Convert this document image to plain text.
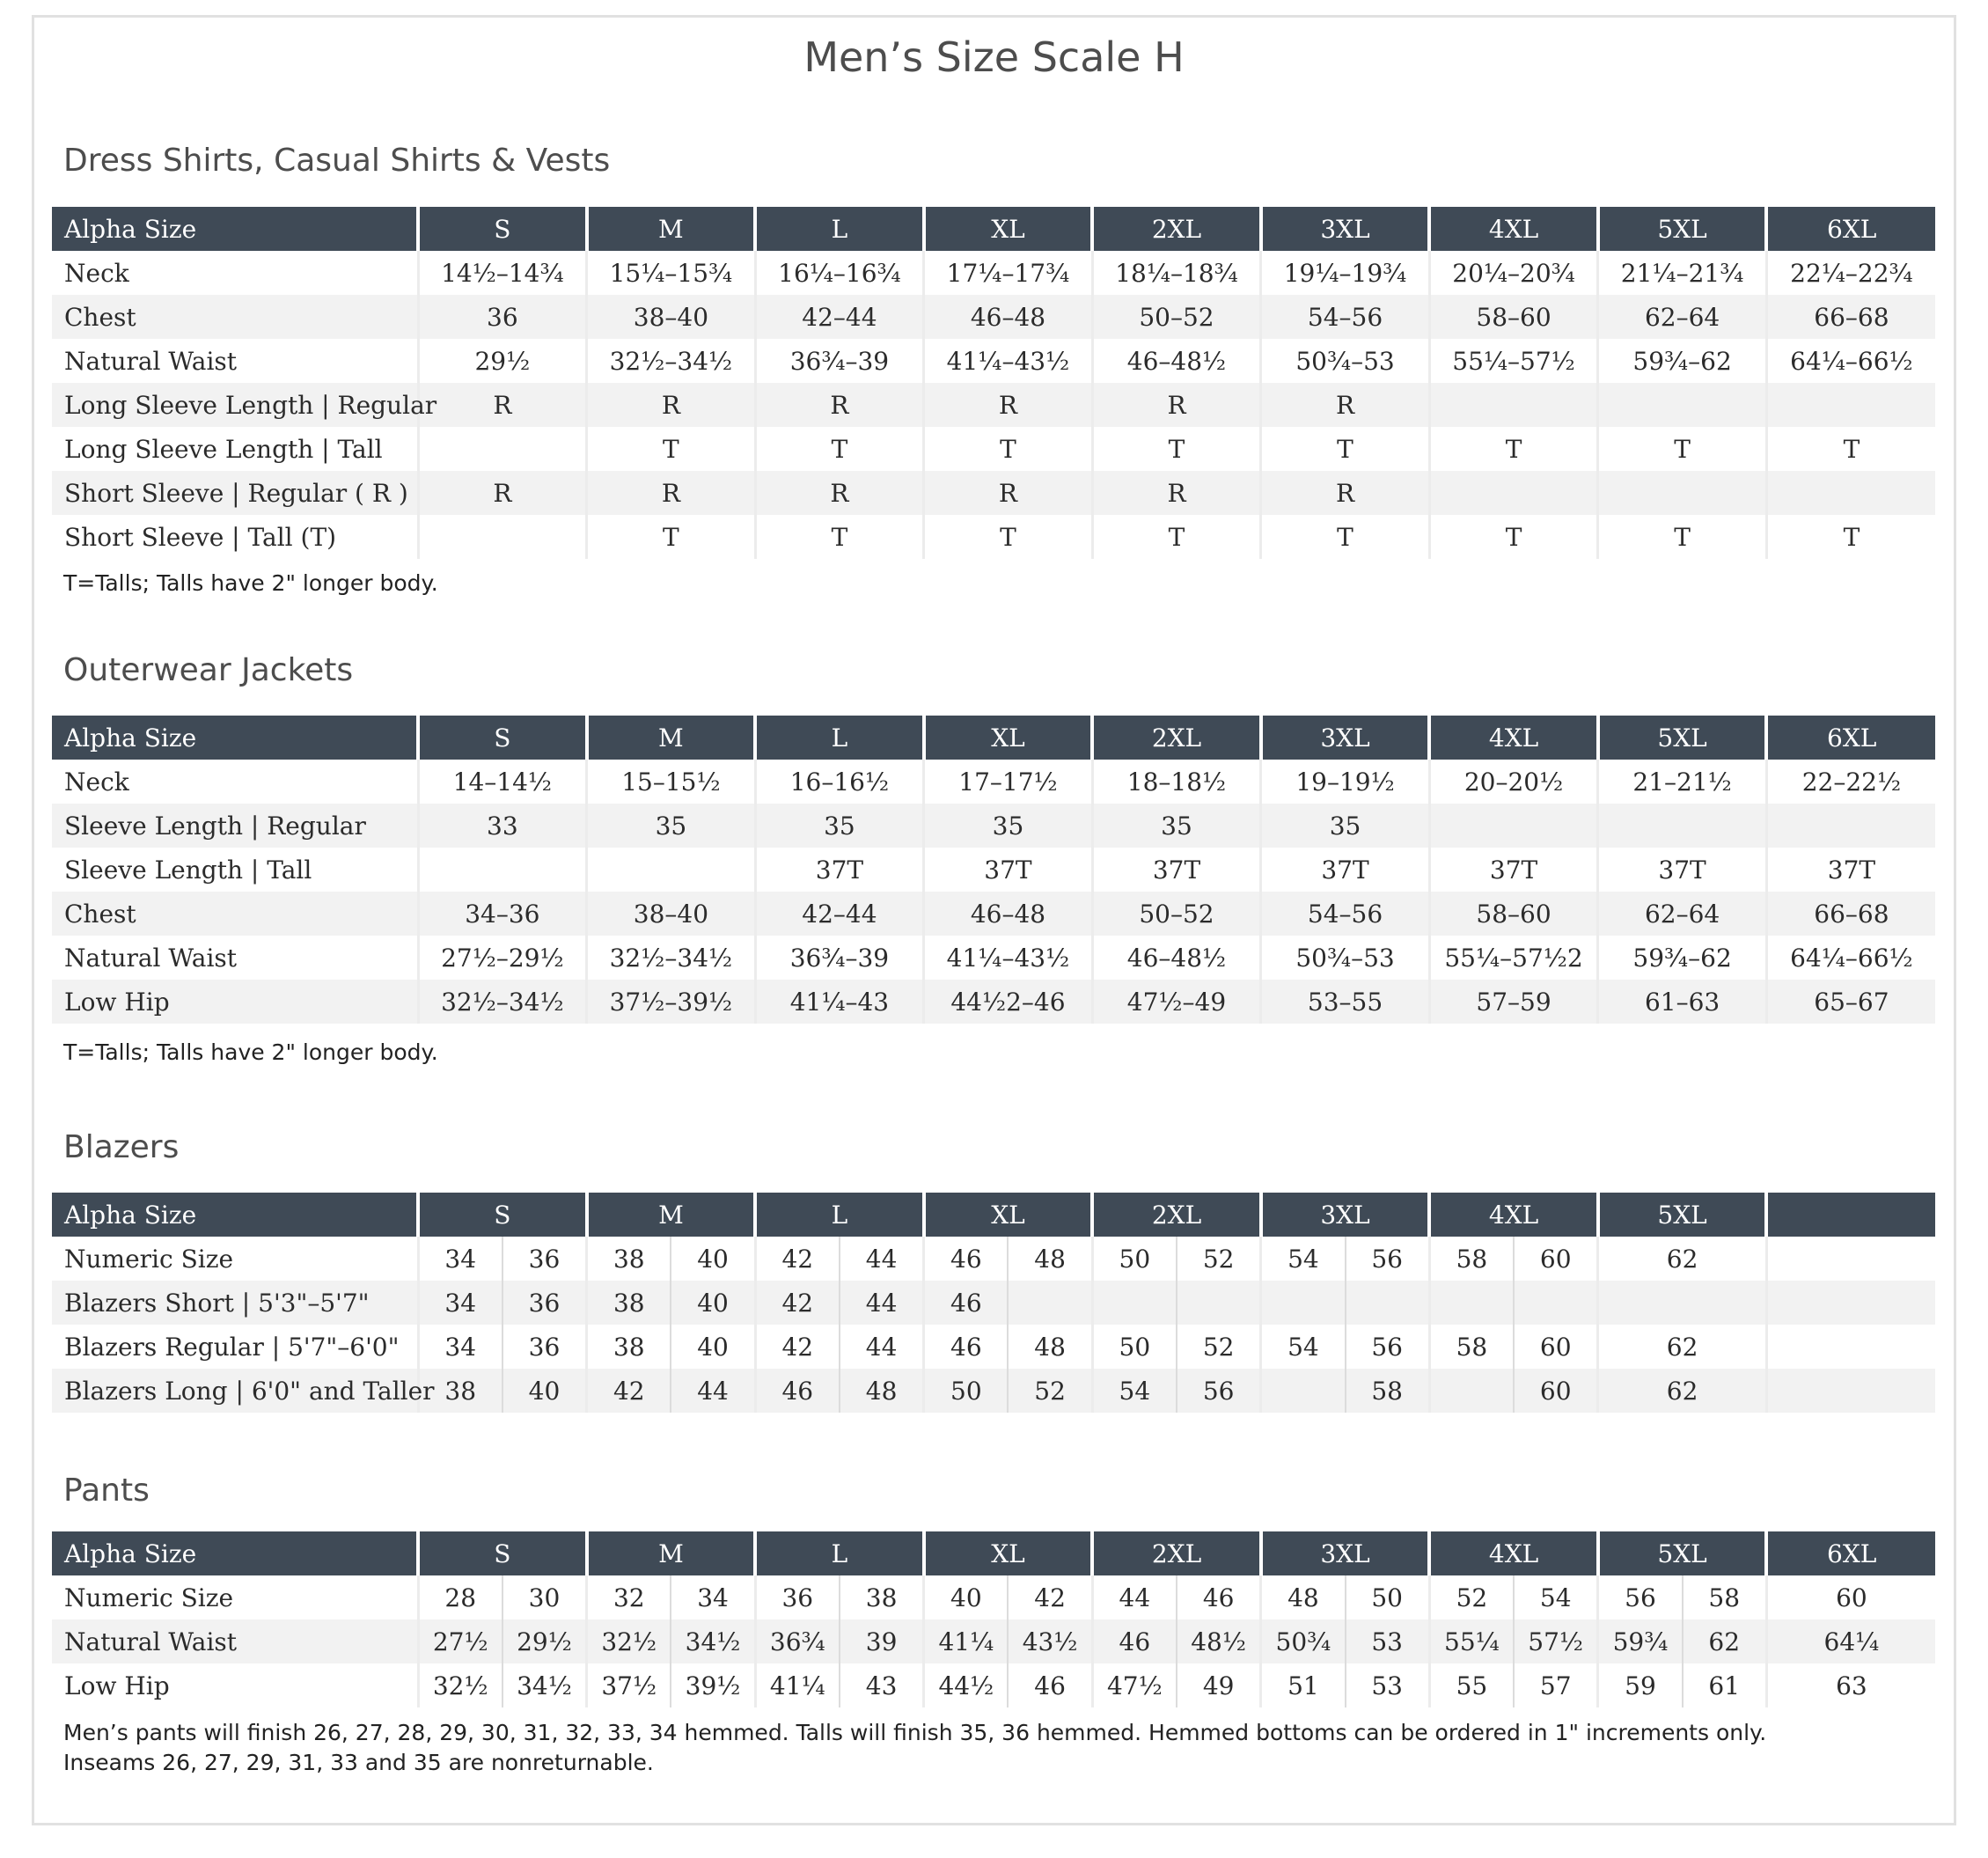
Men’s Size Scale H
Dress Shirts, Casual Shirts & Vests
Alpha Size	S	M	L	XL	2XL	3XL	4XL	5XL	6XL
Neck	14½–14¾	15¼–15¾	16¼–16¾	17¼–17¾	18¼–18¾	19¼–19¾	20¼–20¾	21¼–21¾	22¼–22¾
Chest	36	38–40	42–44	46–48	50–52	54–56	58–60	62–64	66–68
Natural Waist	29½	32½–34½	36¾–39	41¼–43½	46–48½	50¾–53	55¼–57½	59¾–62	64¼–66½
Long Sleeve Length | Regular	R	R	R	R	R	R			
Long Sleeve Length | Tall		T	T	T	T	T	T	T	T
Short Sleeve | Regular ( R )	R	R	R	R	R	R			
Short Sleeve | Tall (T)		T	T	T	T	T	T	T	T
T=Talls; Talls have 2" longer body.
Outerwear Jackets
Alpha Size	S	M	L	XL	2XL	3XL	4XL	5XL	6XL
Neck	14–14½	15–15½	16–16½	17–17½	18–18½	19–19½	20–20½	21–21½	22–22½
Sleeve Length | Regular	33	35	35	35	35	35			
Sleeve Length | Tall			37T	37T	37T	37T	37T	37T	37T
Chest	34–36	38–40	42–44	46–48	50–52	54–56	58–60	62–64	66–68
Natural Waist	27½–29½	32½–34½	36¾–39	41¼–43½	46–48½	50¾–53	55¼–57½2	59¾–62	64¼–66½
Low Hip	32½–34½	37½–39½	41¼–43	44½2–46	47½–49	53–55	57–59	61–63	65–67
T=Talls; Talls have 2" longer body.
Blazers
Alpha Size	S		M		L		XL		2XL		3XL		4XL		5XL	
Numeric Size	34	36	38	40	42	44	46	48	50	52	54	56	58	60	62	
Blazers Short | 5'3"–5'7"	34	36	38	40	42	44	46									
Blazers Regular | 5'7"–6'0"	34	36	38	40	42	44	46	48	50	52	54	56	58	60	62	
Blazers Long | 6'0" and Taller	38	40	42	44	46	48	50	52	54	56		58		60	62	
Pants
Alpha Size	S		M		L		XL		2XL		3XL		4XL		5XL		6XL
Numeric Size	28	30	32	34	36	38	40	42	44	46	48	50	52	54	56	58	60
Natural Waist	27½	29½	32½	34½	36¾	39	41¼	43½	46	48½	50¾	53	55¼	57½	59¾	62	64¼
Low Hip	32½	34½	37½	39½	41¼	43	44½	46	47½	49	51	53	55	57	59	61	63
Men’s pants will finish 26, 27, 28, 29, 30, 31, 32, 33, 34 hemmed. Talls will finish 35, 36 hemmed. Hemmed bottoms can be ordered in 1" increments only.
Inseams 26, 27, 29, 31, 33 and 35 are nonreturnable.
